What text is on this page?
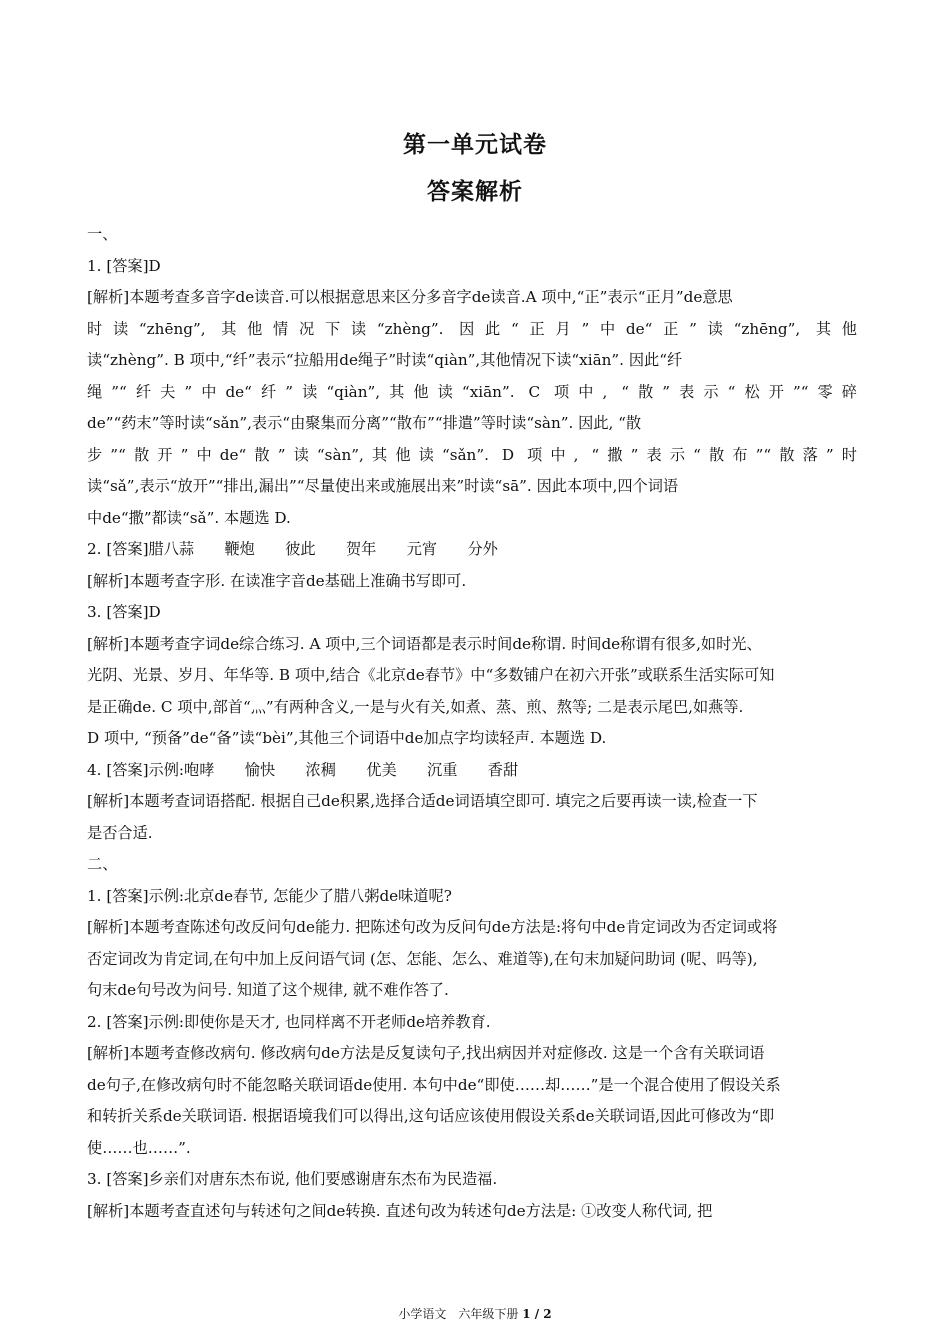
第一单元试卷
答案解析
一、
1. [答案]D
[解析]本题考查多音字de读音.可以根据意思来区分多音字de读音.A 项中,“正”表示“正月”de意思
时读“zhēng”, 其他情况下读“zhèng”. 因此“正月”中de“正”读“zhēng”, 其他
读“zhèng”. B 项中,“纤”表示“拉船用de绳子”时读“qiàn”,其他情况下读“xiān”. 因此“纤
绳”“纤夫”中de“纤”读“qiàn”,其他读“xiān”. C 项中, “散”表示“松开”“零碎
de”“药末”等时读“sǎn”,表示“由聚集而分离”“散布”“排遣”等时读“sàn”. 因此, “散
步”“散开”中de“散”读“sàn”,其他读“sǎn”. D 项中, “撒”表示“散布”“散落”时
读“sǎ”,表示“放开”“排出,漏出”“尽量使出来或施展出来”时读“sā”. 因此本项中,四个词语
中de“撒”都读“sǎ”. 本题选 D.
2. [答案]腊八蒜　　鞭炮　　彼此　　贺年　　元宵　　分外
[解析]本题考查字形. 在读准字音de基础上准确书写即可.
3. [答案]D
[解析]本题考查字词de综合练习. A 项中,三个词语都是表示时间de称谓. 时间de称谓有很多,如时光、
光阴、光景、岁月、年华等. B 项中,结合《北京de春节》中“多数铺户在初六开张”或联系生活实际可知
是正确de. C 项中,部首“灬”有两种含义,一是与火有关,如煮、蒸、煎、熬等; 二是表示尾巴,如燕等.
D 项中, “预备”de“备”读“bèi”,其他三个词语中de加点字均读轻声. 本题选 D.
4. [答案]示例:咆哮　　愉快　　浓稠　　优美　　沉重　　香甜
[解析]本题考查词语搭配. 根据自己de积累,选择合适de词语填空即可. 填完之后要再读一读,检查一下
是否合适.
二、
1. [答案]示例:北京de春节, 怎能少了腊八粥de味道呢?
[解析]本题考查陈述句改反问句de能力. 把陈述句改为反问句de方法是:将句中de肯定词改为否定词或将
否定词改为肯定词,在句中加上反问语气词 (怎、怎能、怎么、难道等),在句末加疑问助词 (呢、吗等),
句末de句号改为问号. 知道了这个规律, 就不难作答了.
2. [答案]示例:即使你是天才, 也同样离不开老师de培养教育.
[解析]本题考查修改病句. 修改病句de方法是反复读句子,找出病因并对症修改. 这是一个含有关联词语
de句子,在修改病句时不能忽略关联词语de使用. 本句中de“即使……却……”是一个混合使用了假设关系
和转折关系de关联词语. 根据语境我们可以得出,这句话应该使用假设关系de关联词语,因此可修改为“即
使……也……”.
3. [答案]乡亲们对唐东杰布说, 他们要感谢唐东杰布为民造福.
[解析]本题考查直述句与转述句之间de转换. 直述句改为转述句de方法是: ①改变人称代词, 把
小学语文　六年级下册 1 / 2
